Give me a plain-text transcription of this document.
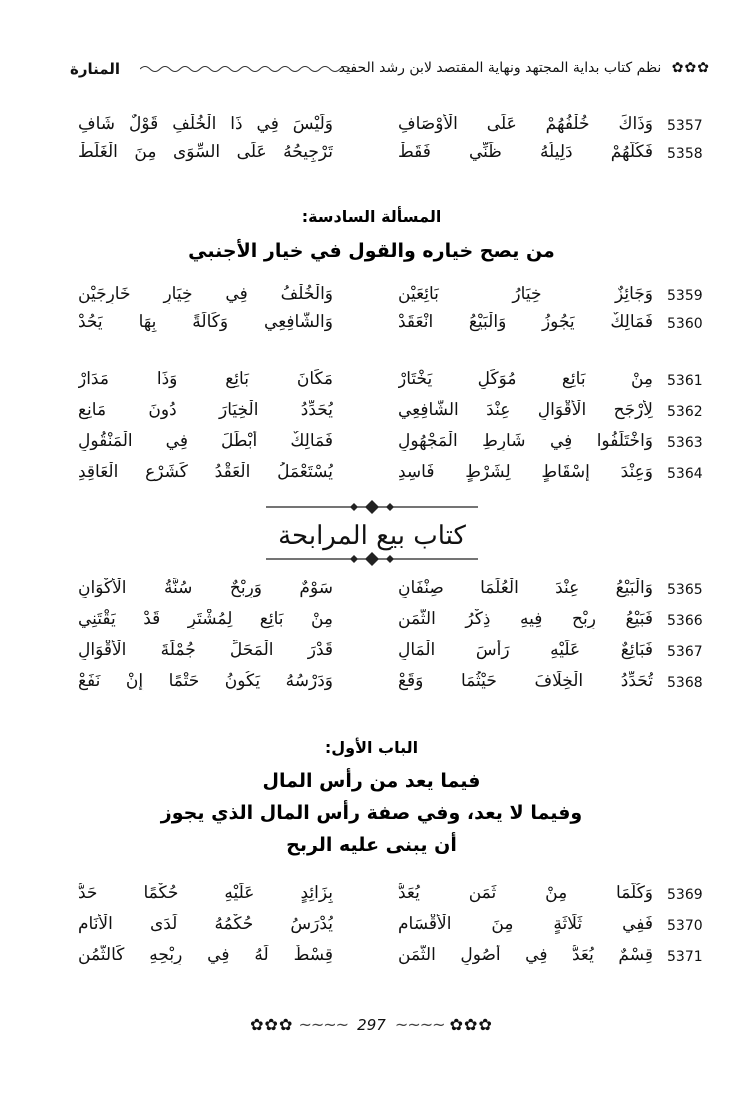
المنارة	✿✿✿ نظم كتاب بداية المجتهد ونهاية المقتصد لابن رشد الحفيد
5357
وَذَاكَ خُلْفُهُمْ عَلَى الْأَوْصَافِ
وَلَيْسَ فِي ذَا الْخُلْفِ قَوْلٌ شَافِ
5358
فَكُلُّهُمْ دَلِيلُهُ ظَنِّي فَقَطْ
تَرْجِيحُهُ عَلَى السِّوَى مِنَ الْغَلَطْ
المسألة السادسة:
من يصح خياره والقول في خيار الأجنبي
5359
وَجَائِزٌ خِيَارُ بَائِعَيْنِ
وَالْخُلْفُ فِي خِيَارِ خَارِجَيْنِ
5360
فَمَالِكٌ يَجُوزُ وَالْبَيْعُ انْعَقَدْ
وَالشَّافِعِي وَكَالَةً بِهَا يَحُدْ
5361
مِنْ بَائِعٍ مُوَكِّلٍ يَخْتَارْ
مَكَانَ بَائِعٍ وَذَا مَدَارْ
5362
لِأَرْجَحِ الْأَقْوَالِ عِنْدَ الشَّافِعِي
يُحَدِّدُ الْخِيَارَ دُونَ مَانِعِ
5363
وَاخْتَلَفُوا فِي شَارِطِ الْمَجْهُولِ
فَمَالِكٌ أَبْطَلَ فِي الْمَنْقُولِ
5364
وَعِنْدَ إِسْقَاطٍ لِشَرْطٍ فَاسِدِ
يُسْتَعْمَلُ الْعَقْدُ كَشَرْعِ الْعَاقِدِ
كتاب بيع المرابحة
5365
وَالْبَيْعُ عِنْدَ الْعُلَمَا صِنْفَانِ
سَوْمٌ وَرِبْحٌ سُنَّةُ الْأَكْوَانِ
5366
فَبَيْعُ رِبْحٍ فِيهِ ذِكْرُ الثَّمَنِ
مِنْ بَائِعٍ لِمُشْتَرٍ قَدْ يَقْتَنِي
5367
فَبَائِعٌ عَلَيْهِ رَأْسَ الْمَالِ
قَدْرَ الْمَحَلِّ جُمْلَةَ الْأَقْوَالِ
5368
تُحَدِّدُ الْخِلَافَ حَيْثُمَا وَقَعْ
وَدَرْسُهُ يَكُونُ حَتْمًا إِنْ نَفَعْ
الباب الأول:
فيما يعد من رأس المال
وفيما لا يعد، وفي صفة رأس المال الذي يجوز
أن يبنى عليه الربح
5369
وَكُلُّمَا مِنْ ثَمَنٍ يُعَدُّ
بِزَائِدٍ عَلَيْهِ حُكْمًا حَدُّ
5370
فَفِي ثَلَاثَةٍ مِنَ الْأَقْسَامِ
يُدْرَسُ حُكْمُهُ لَدَى الْأَنَامِ
5371
قِسْمٌ يُعَدُّ فِي أُصُولِ الثَّمَنِ
قِسْطٌ لَهُ فِي رِبْحِهِ كَالثُّمُنِ
✿✿✿ ~~~~ 297 ~~~~ ✿✿✿
